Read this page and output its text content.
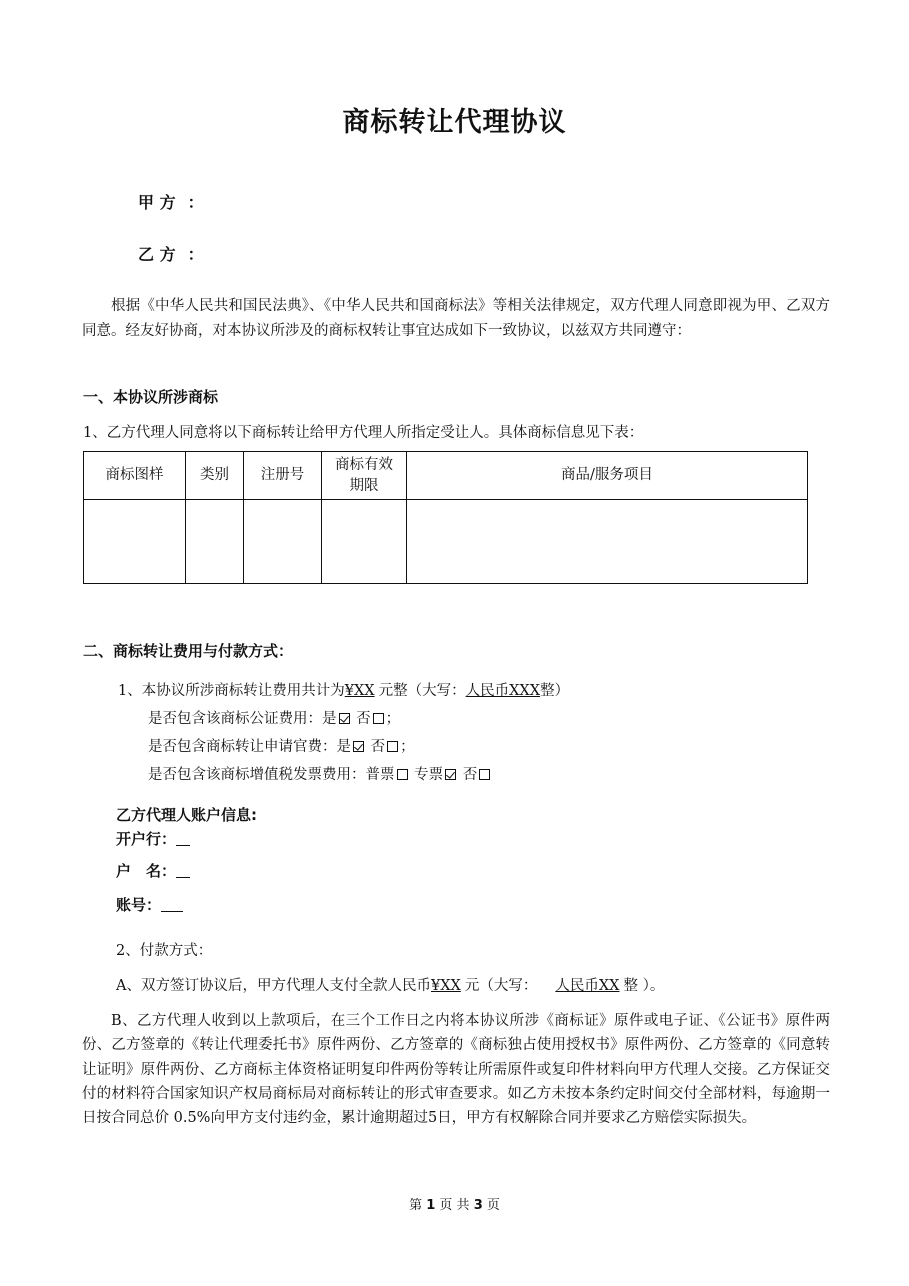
商标转让代理协议
甲 方 ：
乙 方 ：
根据《中华人民共和国民法典》、《中华人民共和国商标法》等相关法律规定，双方代理人同意即视为甲、乙双方同意。经友好协商，对本协议所涉及的商标权转让事宜达成如下一致协议，以兹双方共同遵守：
一、本协议所涉商标
1、乙方代理人同意将以下商标转让给甲方代理人所指定受让人。具体商标信息见下表：
商标图样	类别	注册号	商标有效期限	商品/服务项目

二、商标转让费用与付款方式：
1、本协议所涉商标转让费用共计为¥XX 元整（大写：人民币XXX整）
是否包含该商标公证费用：是 否 ；
是否包含商标转让申请官费：是 否 ；
是否包含该商标增值税发票费用：普票 专票 否
乙方代理人账户信息:
开户行：
户　名：
账号：
2、付款方式：
A、双方签订协议后，甲方代理人支付全款人民币¥XX 元（大写： 人民币XX 整 ）。
B、乙方代理人收到以上款项后，在三个工作日之内将本协议所涉《商标证》原件或电子证、《公证书》原件两份、乙方签章的《转让代理委托书》原件两份、乙方签章的《商标独占使用授权书》原件两份、乙方签章的《同意转让证明》原件两份、乙方商标主体资格证明复印件两份等转让所需原件或复印件材料向甲方代理人交接。乙方保证交付的材料符合国家知识产权局商标局对商标转让的形式审查要求。如乙方未按本条约定时间交付全部材料，每逾期一日按合同总价 0.5%向甲方支付违约金，累计逾期超过5日，甲方有权解除合同并要求乙方赔偿实际损失。
第 1 页 共 3 页
